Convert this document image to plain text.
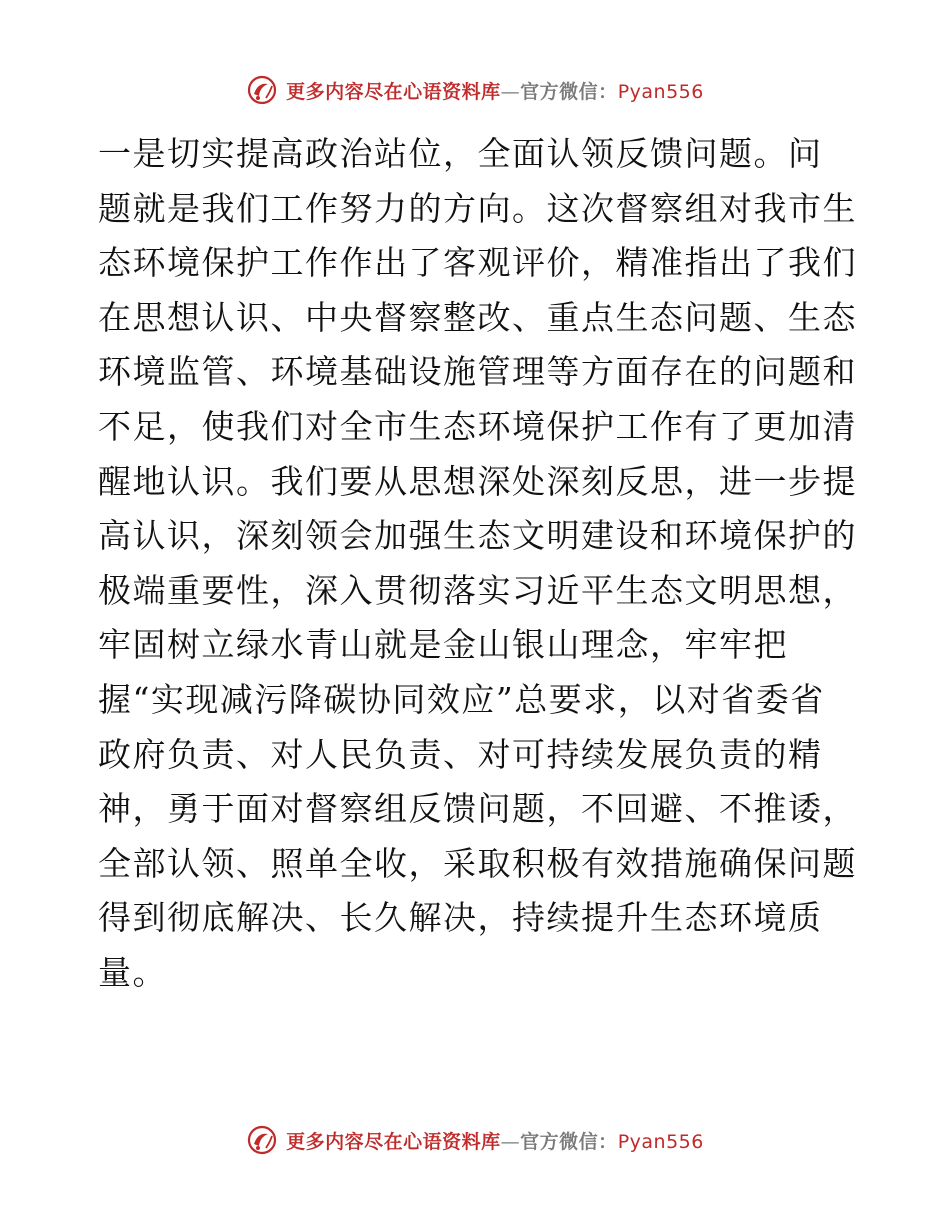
更多内容尽在心语资料库—官方微信：Pyan556
一是切实提高政治站位，全面认领反馈问题。问
题就是我们工作努力的方向。这次督察组对我市生
态环境保护工作作出了客观评价，精准指出了我们
在思想认识、中央督察整改、重点生态问题、生态
环境监管、环境基础设施管理等方面存在的问题和
不足，使我们对全市生态环境保护工作有了更加清
醒地认识。我们要从思想深处深刻反思，进一步提
高认识，深刻领会加强生态文明建设和环境保护的
极端重要性，深入贯彻落实习近平生态文明思想，
牢固树立绿水青山就是金山银山理念，牢牢把
握“实现减污降碳协同效应”总要求，以对省委省
政府负责、对人民负责、对可持续发展负责的精
神，勇于面对督察组反馈问题，不回避、不推诿，
全部认领、照单全收，采取积极有效措施确保问题
得到彻底解决、长久解决，持续提升生态环境质
量。
更多内容尽在心语资料库—官方微信：Pyan556
